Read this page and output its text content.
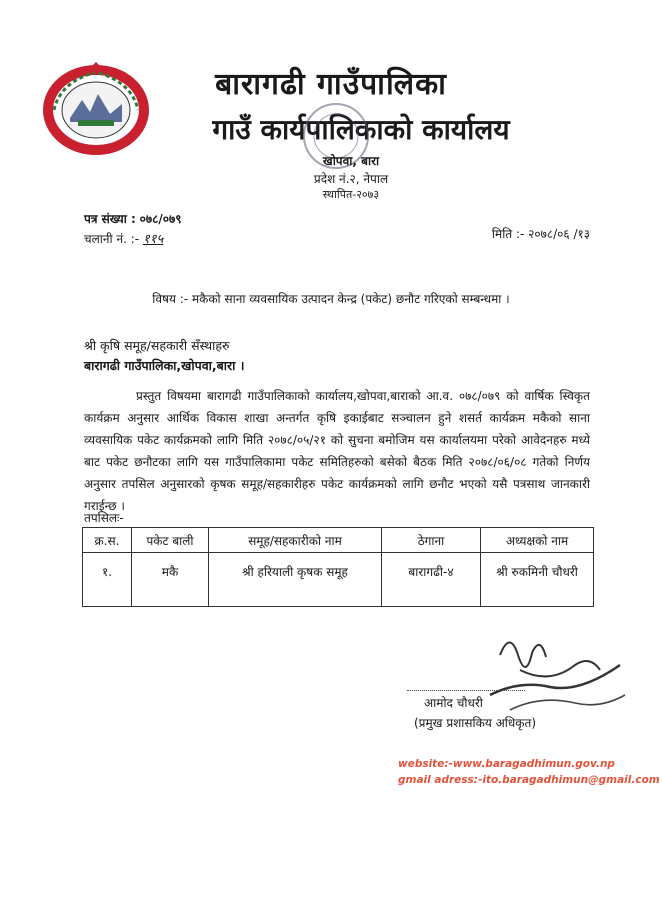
बारागढी गाउँपालिका
गाउँ कार्यपालिकाको कार्यालय
खोपवा, बारा
प्रदेश नं.२, नेपाल
स्थापित-२०७३
पत्र संख्या : ०७८/०७९
चलानी नं. :- ११५	मिति :- २०७८/०६ /१३
विषय :- मकैको साना व्यवसायिक उत्पादन केन्द्र (पकेट) छनौट गरिएको सम्बन्धमा ।
श्री कृषि समूह/सहकारी सँस्थाहरु
बारागढी गाउँपालिका,खोपवा,बारा ।
प्रस्तुत विषयमा बारागढी गाउँपालिकाको कार्यालय,खोपवा,बाराको आ.व. ०७८/०७९ को वार्षिक स्विकृत कार्यक्रम अनुसार आर्थिक विकास शाखा अन्तर्गत कृषि इकाईबाट सञ्चालन हुने शसर्त कार्यक्रम मकैको साना व्यवसायिक पकेट कार्यक्रमको लागि मिति २०७८/०५/२१ को सुचना बमोजिम यस कार्यालयमा परेको आवेदनहरु मध्ये बाट पकेट छनौटका लागि यस गाउँपालिकामा पकेट समितिहरुको बसेको बैठक मिति २०७८/०६/०८ गतेको निर्णय अनुसार तपसिल अनुसारको कृषक समूह/सहकारीहरु पकेट कार्यक्रमको लागि छनौट भएको यसै पत्रसाथ जानकारी गराईन्छ ।
तपसिलः-
क्र.स.	पकेट बाली	समूह/सहकारीको नाम	ठेगाना	अध्यक्षको नाम
१.	मकै	श्री हरियाली कृषक समूह	बारागढी-४	श्री रुकमिनी चौधरी
आमोद चौधरी
(प्रमुख प्रशासकिय अधिकृत)
website:-www.baragadhimun.gov.np
gmail adress:-ito.baragadhimun@gmail.com
